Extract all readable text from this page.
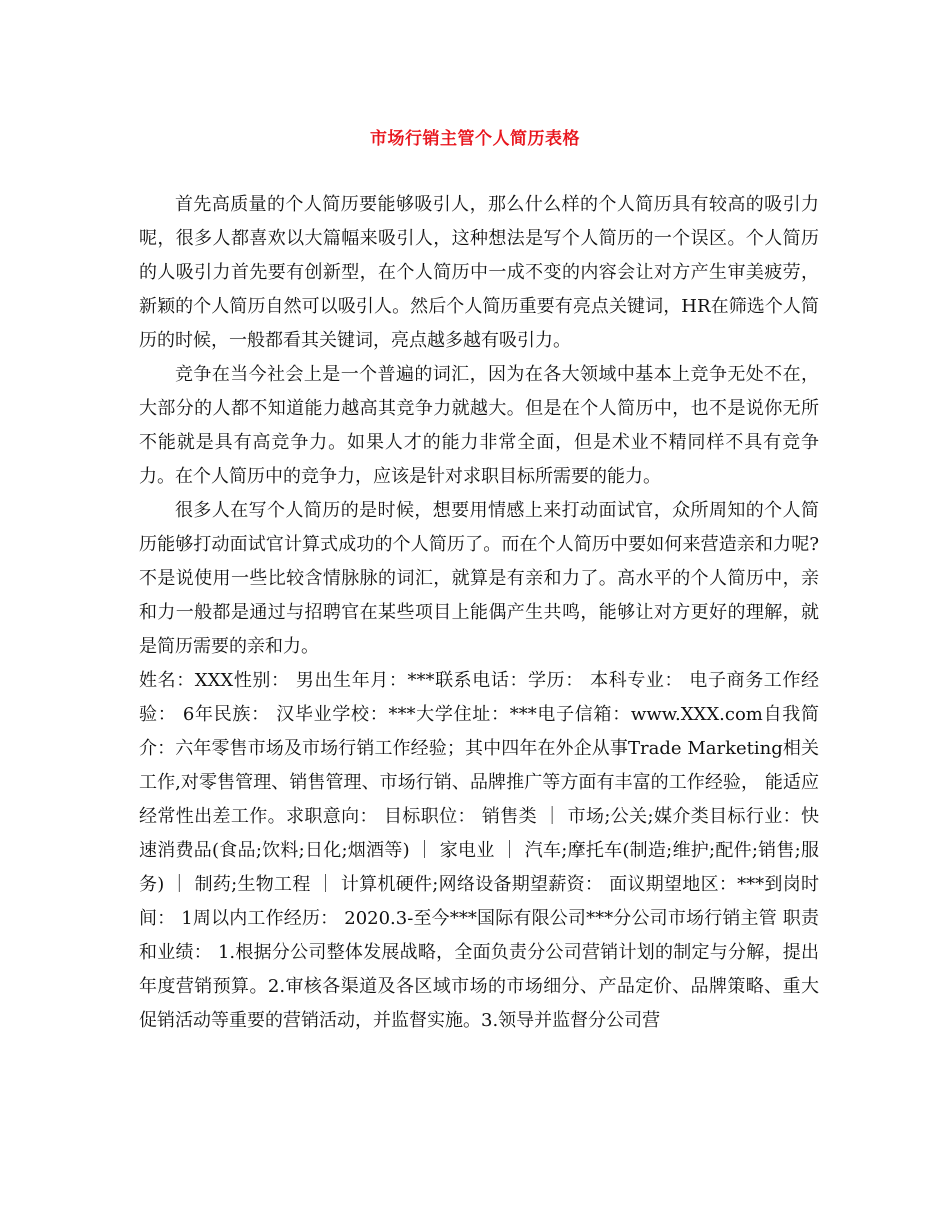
市场行销主管个人简历表格

首先高质量的个人简历要能够吸引人，那么什么样的个人简历具有较高的吸引力呢，很多人都喜欢以大篇幅来吸引人，这种想法是写个人简历的一个误区。个人简历的人吸引力首先要有创新型，在个人简历中一成不变的内容会让对方产生审美疲劳，新颖的个人简历自然可以吸引人。然后个人简历重要有亮点关键词，HR在筛选个人简历的时候，一般都看其关键词，亮点越多越有吸引力。

竞争在当今社会上是一个普遍的词汇，因为在各大领域中基本上竞争无处不在，大部分的人都不知道能力越高其竞争力就越大。但是在个人简历中，也不是说你无所不能就是具有高竞争力。如果人才的能力非常全面，但是术业不精同样不具有竞争力。在个人简历中的竞争力，应该是针对求职目标所需要的能力。

很多人在写个人简历的是时候，想要用情感上来打动面试官，众所周知的个人简历能够打动面试官计算式成功的个人简历了。而在个人简历中要如何来营造亲和力呢?不是说使用一些比较含情脉脉的词汇，就算是有亲和力了。高水平的个人简历中，亲和力一般都是通过与招聘官在某些项目上能偶产生共鸣，能够让对方更好的理解，就是简历需要的亲和力。

姓名：XXX性别： 男出生年月：***联系电话：学历： 本科专业： 电子商务工作经验： 6年民族： 汉毕业学校：***大学住址：***电子信箱：www.XXX.com自我简介：六年零售市场及市场行销工作经验；其中四年在外企从事Trade Marketing相关工作,对零售管理、销售管理、市场行销、品牌推广等方面有丰富的工作经验， 能适应经常性出差工作。求职意向： 目标职位： 销售类 ｜ 市场;公关;媒介类目标行业：快速消费品(食品;饮料;日化;烟酒等) ｜ 家电业 ｜ 汽车;摩托车(制造;维护;配件;销售;服务) ｜ 制药;生物工程 ｜ 计算机硬件;网络设备期望薪资： 面议期望地区：***到岗时间： 1周以内工作经历： 2020.3-至今***国际有限公司***分公司市场行销主管 职责和业绩： 1.根据分公司整体发展战略，全面负责分公司营销计划的制定与分解，提出年度营销预算。2.审核各渠道及各区域市场的市场细分、产品定价、品牌策略、重大促销活动等重要的营销活动，并监督实施。3.领导并监督分公司营
